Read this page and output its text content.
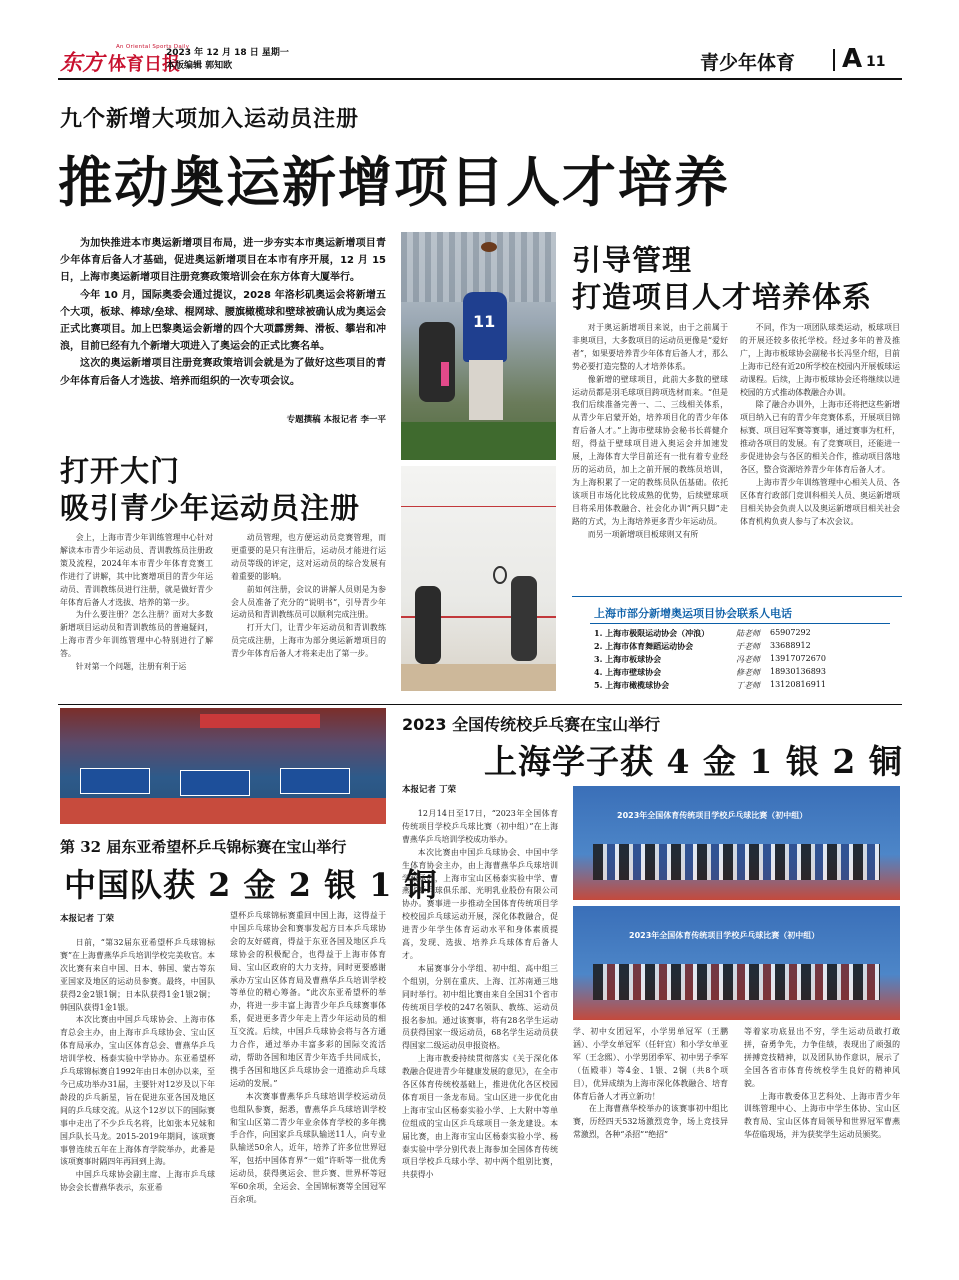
东方 体育日报
An Oriental Sports Daily
2023 年 12 月 18 日 星期一
本版编辑 郭知欧	青少年体育 A 11
九个新增大项加入运动员注册
推动奥运新增项目人才培养

为加快推进本市奥运新增项目布局，进一步夯实本市奥运新增项目青少年体育后备人才基础，促进奥运新增项目在本市有序开展，12 月 15 日，上海市奥运新增项目注册竞赛政策培训会在东方体育大厦举行。

今年 10 月，国际奥委会通过提议，2028 年洛杉矶奥运会将新增五个大项，板球、棒球/垒球、棍网球、腰旗橄榄球和壁球被确认成为奥运会正式比赛项目。加上巴黎奥运会新增的四个大项霹雳舞、滑板、攀岩和冲浪，目前已经有九个新增大项进入了奥运会的正式比赛名单。

这次的奥运新增项目注册竞赛政策培训会就是为了做好这些项目的青少年体育后备人才选拔、培养而组织的一次专项会议。

专题撰稿 本报记者 李一平
11
打开大门
吸引青少年运动员注册

会上，上海市青少年训练管理中心针对解读本市青少年运动员、青训教练员注册政策及流程，2024年本市青少年体育竞赛工作进行了讲解，其中比赛增项目的青少年运动员、青训教练员进行注册，就是做好青少年体育后备人才选拔、培养的第一步。

为什么要注册？怎么注册？面对大多数新增项目运动员和青训教练员的普遍疑问，上海市青少年训练管理中心特别进行了解答。

针对第一个问题，注册有利于运

动员管理，也方便运动员竞赛管理，而更重要的是只有注册后，运动员才能进行运动员等级的评定，这对运动员的综合发展有着重要的影响。

前如何注册，会议的讲解人员则是为参会人员准备了充分的“说明书”，引导青少年运动员和青训教练员可以顺利完成注册。

打开大门，让青少年运动员和青训教练员完成注册，上海市为部分奥运新增项目的青少年体育后备人才将来走出了第一步。

引导管理
打造项目人才培养体系

对于奥运新增项目来说，由于之前属于非奥项目，大多数项目的运动员更像是“爱好者”，如果要培养青少年体育后备人才，那么势必要打造完整的人才培养体系。

像新增的壁球项目，此前大多数的壁球运动员都是羽毛球项目跨项选材而来。“但是我们后续准备完善一、二、三线相关体系，从青少年启蒙开始，培养项目化的青少年体育后备人才。”上海市壁球协会秘书长蒋健介绍，得益于壁球项目进入奥运会并加速发展，上海体育大学目前还有一批有着专业经历的运动员，加上之前开展的教练员培训，为上海积累了一定的教练员队伍基础。依托该项目市场化比较成熟的优势，后续壁球项目将采用体教融合、社会化办训“两只脚”走路的方式，为上海培养更多青少年运动员。

而另一项新增项目板球则又有所

不同，作为一项团队球类运动，板球项目的开展还较多依托学校。经过多年的普及推广，上海市板球协会副秘书长冯坚介绍，目前上海市已经有近20所学校在校园内开展板球运动课程。后续，上海市板球协会还将继续以进校园的方式推动体教融合办训。

除了融合办训外，上海市还将把这些新增项目纳入已有的青少年竞赛体系，开展项目锦标赛、项目冠军赛等赛事，通过赛事为杠杆，推动各项目的发展。有了竞赛项目，还能进一步促进协会与各区的相关合作，推动项目落地各区，整合资源培养青少年体育后备人才。

上海市青少年训练管理中心相关人员、各区体育行政部门竞训科相关人员、奥运新增项目相关协会负责人以及奥运新增项目相关社会体育机构负责人参与了本次会议。

上海市部分新增奥运项目协会联系人电话
1. 上海市极限运动协会（冲浪）	陆老师 65907292
2. 上海市体育舞蹈运动协会	于老师 33688912
3. 上海市板球协会	冯老师 13917072670
4. 上海市壁球协会	修老师 18930136893
5. 上海市橄榄球协会	丁老师 13120816911
第 32 届东亚希望杯乒乓锦标赛在宝山举行
中国队获 2 金 2 银 1 铜
本报记者 丁荣

日前，“第32届东亚希望杯乒乓球锦标赛”在上海曹燕华乒乓培训学校完美收官。本次比赛有来自中国、日本、韩国、蒙古等东亚国家及地区的运动员参赛。最终，中国队获得2金2银1铜；日本队获得1金1银2铜；韩国队获得1金1银。

本次比赛由中国乒乓球协会、上海市体育总会主办，由上海市乒乓球协会、宝山区体育局承办，宝山区体育总会、曹燕华乒乓培训学校、杨泰实验中学协办。东亚希望杯乒乓球锦标赛自1992年由日本创办以来，至今已成功举办31届，主要针对12岁及以下年龄段的乒乓新星，旨在促进东亚各国及地区间的乒乓球交流。从这个12岁以下的国际赛事中走出了不少乒乓名将，比如张本兄妹和国乒队长马龙。2015-2019年期间，该项赛事曾连续五年在上海体育学院举办，此番是该项赛事时隔四年再回到上海。

中国乒乓球协会副主席、上海市乒乓球协会会长曹燕华表示，东亚希

望杯乒乓球锦标赛重回中国上海，这得益于中国乒乓球协会和赛事发起方日本乒乓球协会的友好磋商，得益于东亚各国及地区乒乓球协会的积极配合，也得益于上海市体育局、宝山区政府的大力支持，同时更要感谢承办方宝山区体育局及曹燕华乒乓培训学校等单位的精心筹备。“此次东亚希望杯的举办，将进一步丰富上海青少年乒乓球赛事体系，促进更多青少年走上青少年运动员的相互交流。后续，中国乒乓球协会将与各方通力合作，通过举办丰富多彩的国际交流活动，帮助各国和地区青少年选手共同成长，携手各国和地区乒乓球协会一道推动乒乓球运动的发展。”

本次赛事曹燕华乒乓球培训学校运动员也组队参赛，据悉，曹燕华乒乓球培训学校和宝山区第二青少年业余体育学校的多年携手合作，向国家乒乓球队输送11人，向专业队输送50余人，近年，培养了许多位世界冠军，包括中国体育界“一姐”许昕等一批优秀运动员，获得奥运会、世乒赛、世界杯等冠军60余项，全运会、全国锦标赛等全国冠军百余项。

2023 全国传统校乒乓赛在宝山举行
上海学子获 4 金 1 银 2 铜
本报记者 丁荣

12月14日至17日，“2023年全国体育传统项目学校乒乓球比赛（初中组）”在上海曹燕华乒乓培训学校成功举办。

本次比赛由中国乒乓球协会、中国中学生体育协会主办，由上海曹燕华乒乓球培训学校承办，上海市宝山区杨泰实验中学、曹燕华乒乓球俱乐部、光明乳业股份有限公司协办。赛事进一步推动全国体育传统项目学校校园乒乓球运动开展，深化体教融合，促进青少年学生体育运动水平和身体素质提高，发现、选拔、培养乒乓球体育后备人才。

本届赛事分小学组、初中组、高中组三个组别，分别在重庆、上海、江苏南通三地同时举行。初中组比赛由来自全国31个省市传统项目学校的247名领队、教练、运动员报名参加。通过该赛事，将有28名学生运动员获得国家一级运动员，68名学生运动员获得国家二级运动员申报资格。

上海市教委持续贯彻落实《关于深化体教融合促进青少年健康发展的意见》，在全市各区体育传统校基础上，推进优化各区校园体育项目一条龙布局。宝山区进一步优化由上海市宝山区杨泰实验小学、上大附中等单位组成的宝山区乒乓球项目一条龙建设。本届比赛，由上海市宝山区杨泰实验小学、杨泰实验中学分别代表上海参加全国体育传统项目学校乒乓球小学、初中两个组别比赛，共获得小

2023年全国体育传统项目学校乒乓球比赛（初中组）
2023年全国体育传统项目学校乒乓球比赛（初中组）

学、初中女团冠军，小学男单冠军（王鹏涵）、小学女单冠军（任轩宜）和小学女单亚军（王念熙）、小学男团季军、初中男子季军（伍殿菲）等4金、1银、2铜（共8个项目），优异成绩为上海市深化体教融合、培育体育后备人才再立新功！

在上海曹燕华校举办的该赛事初中组比赛，历经四天532场激烈竞争，场上竞技异常激烈，各种“杀招”“绝招”

等着家功底显出不穷，学生运动员敢打敢拼，奋勇争先，力争佳绩，表现出了顽强的拼搏竞技精神，以及团队协作意识，展示了全国各省市体育传统校学生良好的精神风貌。

上海市教委体卫艺科处、上海市青少年训练管理中心、上海市中学生体协、宝山区教育局、宝山区体育局领导和世界冠军曹燕华莅临现场，并为获奖学生运动员颁奖。
